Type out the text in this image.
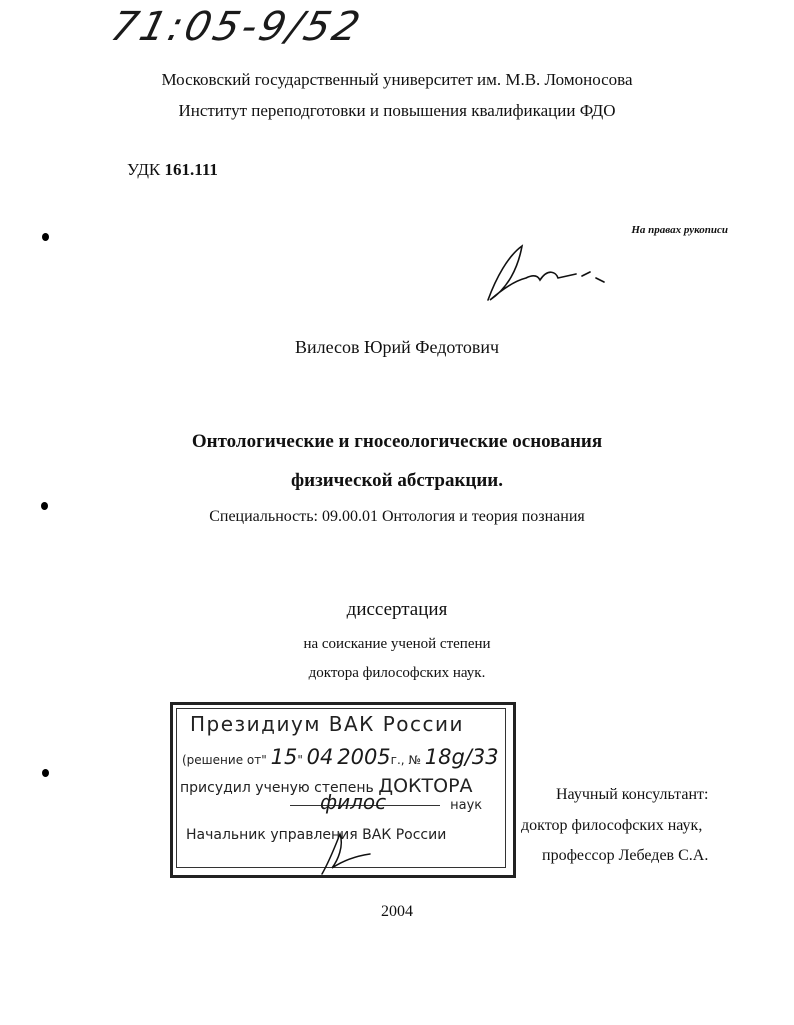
71:05-9/52
Московский государственный университет им. М.В. Ломоносова
Институт переподготовки и повышения квалификации ФДО
УДК 161.111
На правах рукописи
Вилесов Юрий Федотович
Онтологические и гносеологические основания
физической абстракции.
Специальность: 09.00.01 Онтология и теория познания
диссертация
на соискание ученой степени
доктора философских наук.
Президиум ВАК России
(решение от" 15" 04 2005г., № 18g/33
присудил ученую степень ДОКТОРА
наук
филос
Начальник управления ВАК России
Научный консультант:
доктор философских наук,
профессор Лебедев С.А.
2004
